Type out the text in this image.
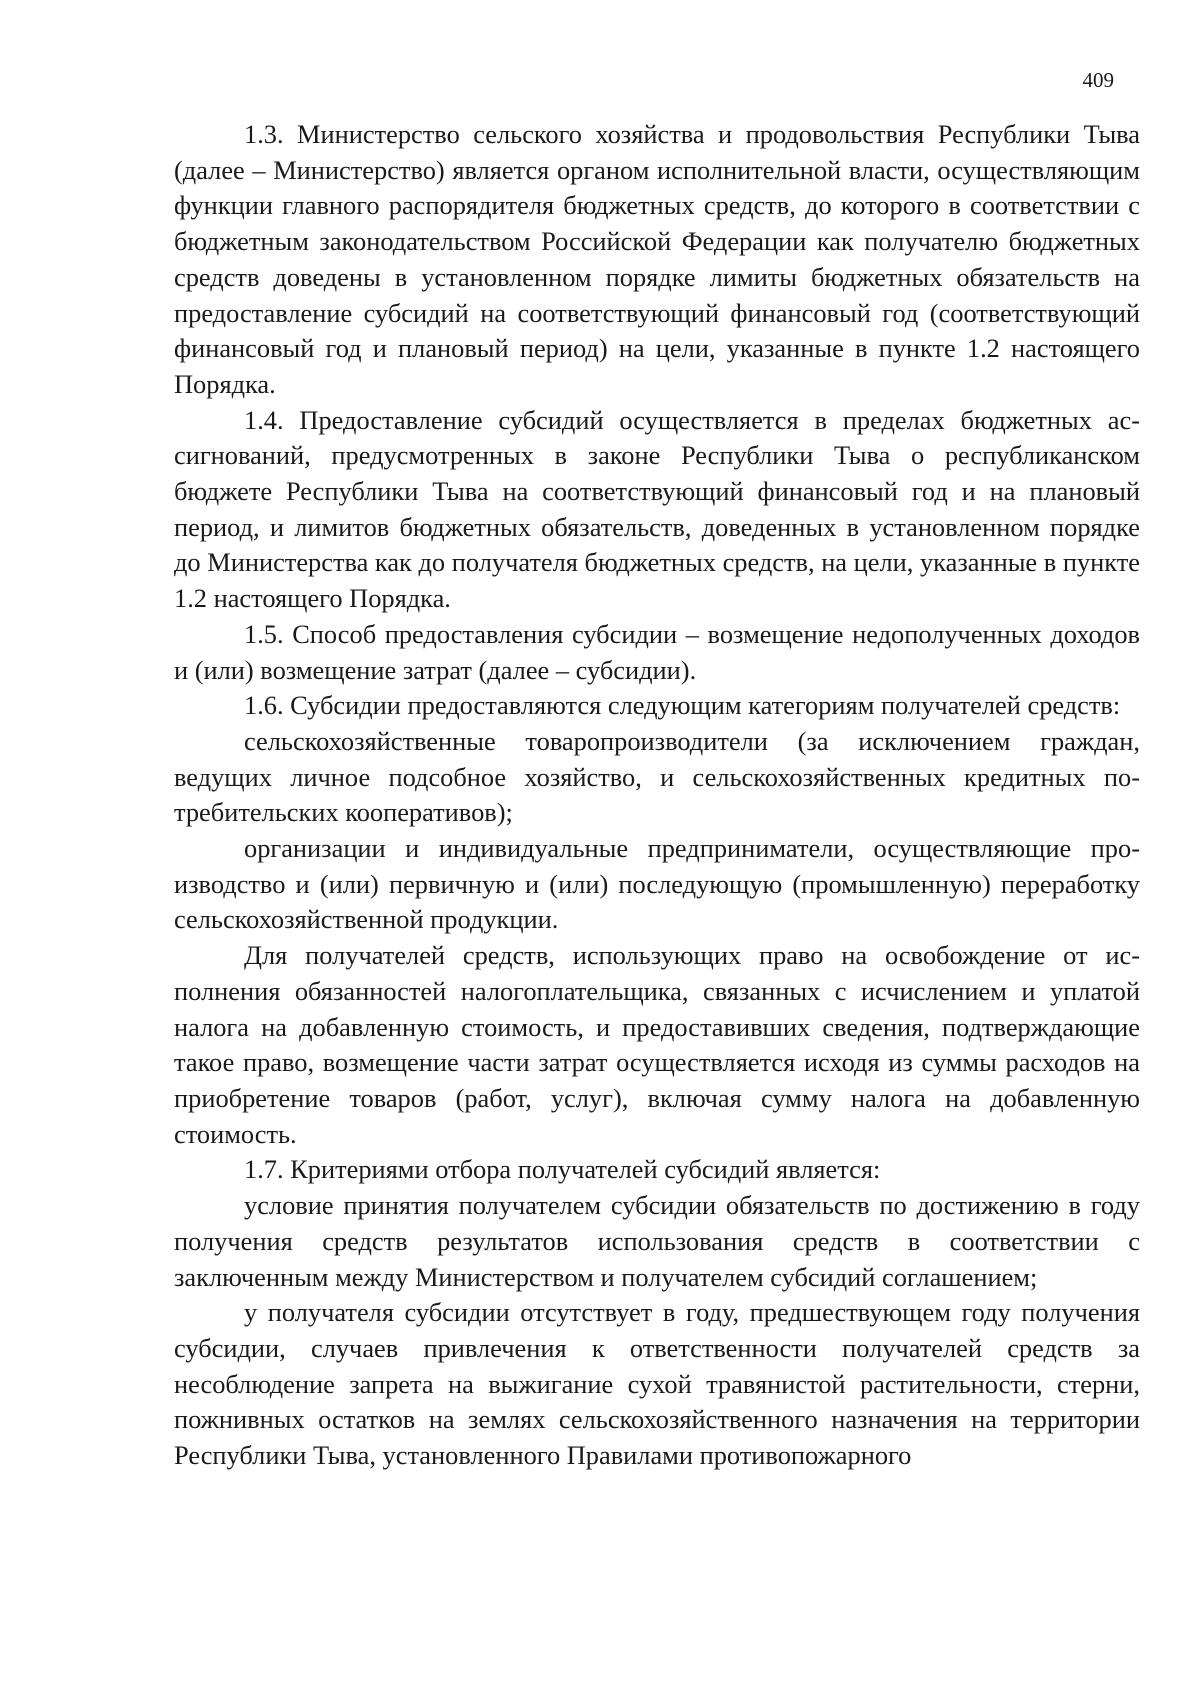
409

1.3. Министерство сельского хозяйства и продовольствия Республики Тыва (далее – Министерство) является органом исполнительной власти, осуществляющим функции главного распорядителя бюджетных средств, до которого в соответствии с бюджетным законодательством Российской Федерации как получателю бюджетных средств доведены в установленном порядке лимиты бюджетных обязательств на предоставление субсидий на соответствующий финансовый год (соответствующий финансовый год и плановый период) на цели, указанные в пункте 1.2 настоящего Порядка.

1.4. Предоставление субсидий осуществляется в пределах бюджетных ассигнований, предусмотренных в законе Республики Тыва о республиканском бюджете Республики Тыва на соответствующий финансовый год и на плановый период, и лимитов бюджетных обязательств, доведенных в установленном порядке до Министерства как до получателя бюджетных средств, на цели, указанные в пункте 1.2 настоящего Порядка.

1.5. Способ предоставления субсидии – возмещение недополученных доходов и (или) возмещение затрат (далее – субсидии).

1.6. Субсидии предоставляются следующим категориям получателей средств:

сельскохозяйственные товаропроизводители (за исключением граждан, ведущих личное подсобное хозяйство, и сельскохозяйственных кредитных потребительских кооперативов);

организации и индивидуальные предприниматели, осуществляющие производство и (или) первичную и (или) последующую (промышленную) переработку сельскохозяйственной продукции.

Для получателей средств, использующих право на освобождение от исполнения обязанностей налогоплательщика, связанных с исчислением и уплатой налога на добавленную стоимость, и предоставивших сведения, подтверждающие такое право, возмещение части затрат осуществляется исходя из суммы расходов на приобретение товаров (работ, услуг), включая сумму налога на добавленную стоимость.

1.7. Критериями отбора получателей субсидий является:

условие принятия получателем субсидии обязательств по достижению в году получения средств результатов использования средств в соответствии с заключенным между Министерством и получателем субсидий соглашением;

у получателя субсидии отсутствует в году, предшествующем году получения субсидии, случаев привлечения к ответственности получателей средств за несоблюдение запрета на выжигание сухой травянистой растительности, стерни, пожнивных остатков на землях сельскохозяйственного назначения на территории Республики Тыва, установленного Правилами противопожарного
